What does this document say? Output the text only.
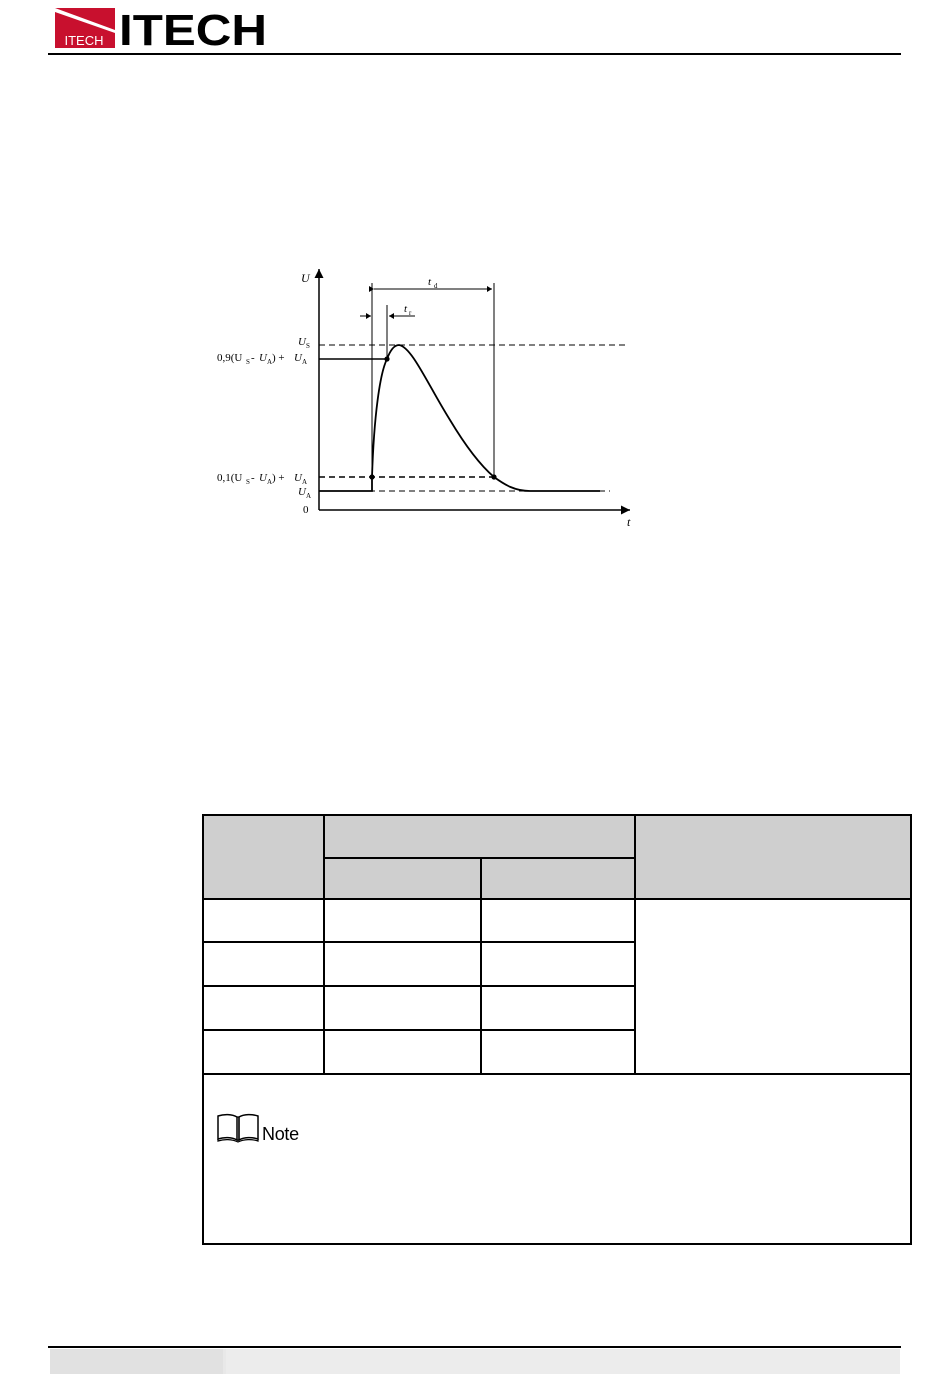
ITECH ITECH
t d
t r
U
t
U S
0,9(U S - U A ) + U A
0,1(U S - U A ) + U A
U A
0

Note			
